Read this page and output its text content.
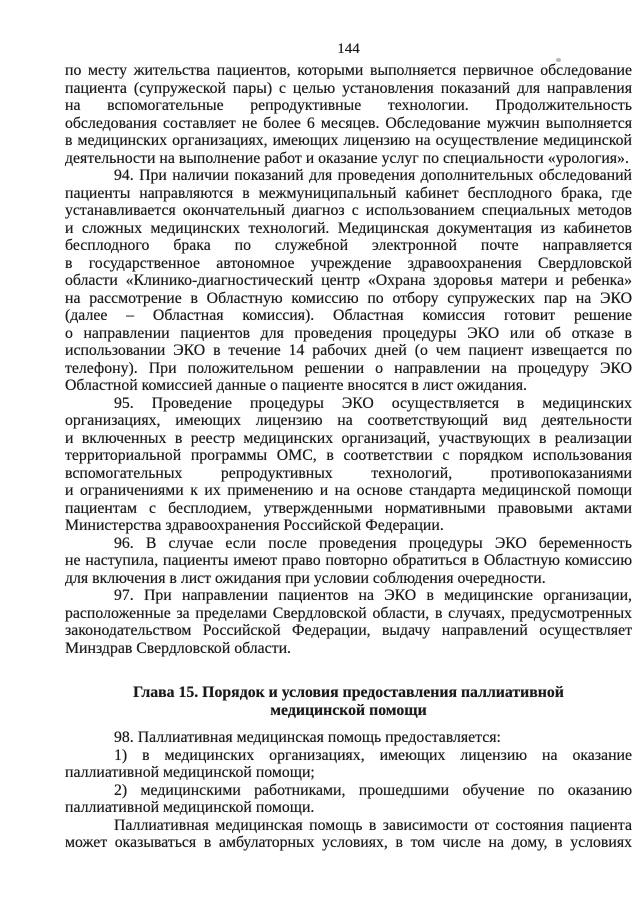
144
по месту жительства пациентов, которыми выполняется первичное обследование
пациента (супружеской пары) с целью установления показаний для направления
на вспомогательные репродуктивные технологии. Продолжительность
обследования составляет не более 6 месяцев. Обследование мужчин выполняется
в медицинских организациях, имеющих лицензию на осуществление медицинской
деятельности на выполнение работ и оказание услуг по специальности «урология».
94. При наличии показаний для проведения дополнительных обследований
пациенты направляются в межмуниципальный кабинет бесплодного брака, где
устанавливается окончательный диагноз с использованием специальных методов
и сложных медицинских технологий. Медицинская документация из кабинетов
бесплодного брака по служебной электронной почте направляется
в государственное автономное учреждение здравоохранения Свердловской
области «Клинико-диагностический центр «Охрана здоровья матери и ребенка»
на рассмотрение в Областную комиссию по отбору супружеских пар на ЭКО
(далее – Областная комиссия). Областная комиссия готовит решение
о направлении пациентов для проведения процедуры ЭКО или об отказе в
использовании ЭКО в течение 14 рабочих дней (о чем пациент извещается по
телефону). При положительном решении о направлении на процедуру ЭКО
Областной комиссией данные о пациенте вносятся в лист ожидания.
95. Проведение процедуры ЭКО осуществляется в медицинских
организациях, имеющих лицензию на соответствующий вид деятельности
и включенных в реестр медицинских организаций, участвующих в реализации
территориальной программы ОМС, в соответствии с порядком использования
вспомогательных репродуктивных технологий, противопоказаниями
и ограничениями к их применению и на основе стандарта медицинской помощи
пациентам с бесплодием, утвержденными нормативными правовыми актами
Министерства здравоохранения Российской Федерации.
96. В случае если после проведения процедуры ЭКО беременность
не наступила, пациенты имеют право повторно обратиться в Областную комиссию
для включения в лист ожидания при условии соблюдения очередности.
97. При направлении пациентов на ЭКО в медицинские организации,
расположенные за пределами Свердловской области, в случаях, предусмотренных
законодательством Российской Федерации, выдачу направлений осуществляет
Минздрав Свердловской области.
Глава 15. Порядок и условия предоставления паллиативной
медицинской помощи
98. Паллиативная медицинская помощь предоставляется:
1) в медицинских организациях, имеющих лицензию на оказание
паллиативной медицинской помощи;
2) медицинскими работниками, прошедшими обучение по оказанию
паллиативной медицинской помощи.
Паллиативная медицинская помощь в зависимости от состояния пациента
может оказываться в амбулаторных условиях, в том числе на дому, в условиях
